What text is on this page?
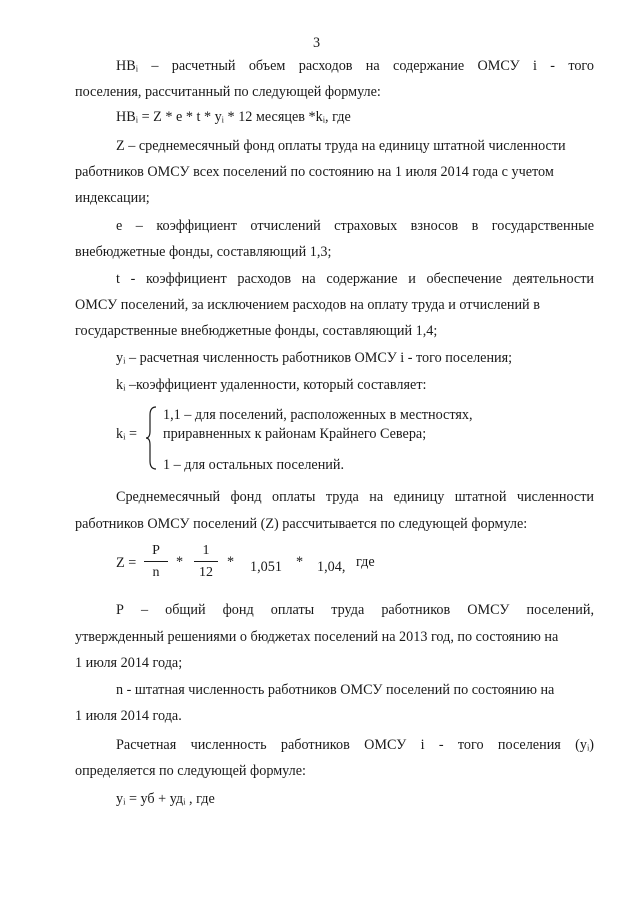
3
НВᵢ – расчетный объем расходов на содержание ОМСУ i - того
поселения, рассчитанный по следующей формуле:
НВᵢ = Z * e * t * yᵢ * 12 месяцев *kᵢ, где
Z – среднемесячный фонд оплаты труда на единицу штатной численности
работников ОМСУ всех поселений по состоянию на 1 июля 2014 года с учетом
индексации;
е – коэффициент отчислений страховых взносов в государственные
внебюджетные фонды, составляющий 1,3;
t - коэффициент расходов на содержание и обеспечение деятельности
ОМСУ поселений, за исключением расходов на оплату труда и отчислений в
государственные внебюджетные фонды, составляющий 1,4;
yᵢ – расчетная численность работников ОМСУ i - того поселения;
kᵢ –коэффициент удаленности, который составляет:
kᵢ =
1,1 – для поселений, расположенных в местностях,
приравненных к районам Крайнего Севера;
1 – для остальных поселений.
Среднемесячный фонд оплаты труда на единицу штатной численности
работников ОМСУ поселений (Z) рассчитывается по следующей формуле:
Z =
P
n
*
1
12
* 1,051 * 1,04, где
Р – общий фонд оплаты труда работников ОМСУ поселений,
утвержденный решениями о бюджетах поселений на 2013 год, по состоянию на
1 июля 2014 года;
n - штатная численность работников ОМСУ поселений по состоянию на
1 июля 2014 года.
Расчетная численность работников ОМСУ i - того поселения (yᵢ)
определяется по следующей формуле:
yᵢ = уб + удᵢ , где
